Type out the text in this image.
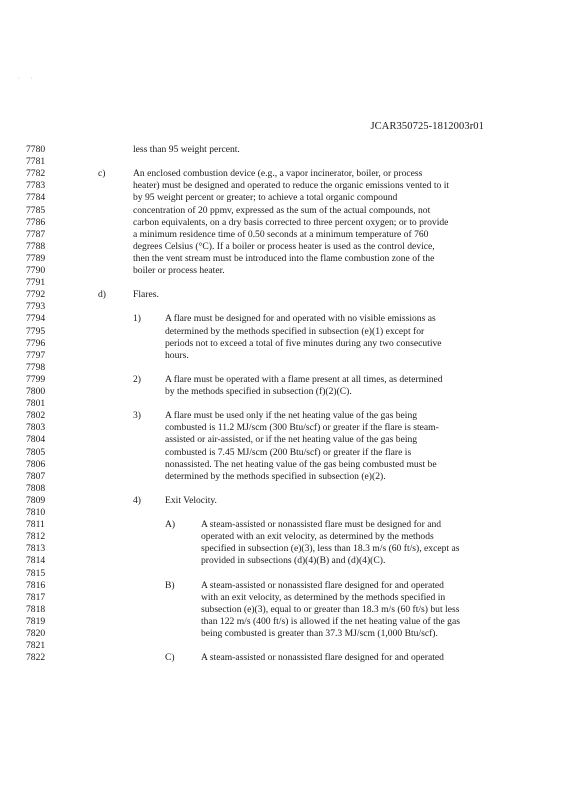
·       ·
JCAR350725-1812003r01
7780	less than 95 weight percent.
7781
7782	c)	An enclosed combustion device (e.g., a vapor incinerator, boiler, or process
7783	heater) must be designed and operated to reduce the organic emissions vented to it
7784	by 95 weight percent or greater; to achieve a total organic compound
7785	concentration of 20 ppmv, expressed as the sum of the actual compounds, not
7786	carbon equivalents, on a dry basis corrected to three percent oxygen; or to provide
7787	a minimum residence time of 0.50 seconds at a minimum temperature of 760
7788	degrees Celsius (°C). If a boiler or process heater is used as the control device,
7789	then the vent stream must be introduced into the flame combustion zone of the
7790	boiler or process heater.
7791
7792	d)	Flares.
7793
7794	1)	A flare must be designed for and operated with no visible emissions as
7795	determined by the methods specified in subsection (e)(1) except for
7796	periods not to exceed a total of five minutes during any two consecutive
7797	hours.
7798
7799	2)	A flare must be operated with a flame present at all times, as determined
7800	by the methods specified in subsection (f)(2)(C).
7801
7802	3)	A flare must be used only if the net heating value of the gas being
7803	combusted is 11.2 MJ/scm (300 Btu/scf) or greater if the flare is steam-
7804	assisted or air-assisted, or if the net heating value of the gas being
7805	combusted is 7.45 MJ/scm (200 Btu/scf) or greater if the flare is
7806	nonassisted. The net heating value of the gas being combusted must be
7807	determined by the methods specified in subsection (e)(2).
7808
7809	4)	Exit Velocity.
7810
7811	A)	A steam-assisted or nonassisted flare must be designed for and
7812	operated with an exit velocity, as determined by the methods
7813	specified in subsection (e)(3), less than 18.3 m/s (60 ft/s), except as
7814	provided in subsections (d)(4)(B) and (d)(4)(C).
7815
7816	B)	A steam-assisted or nonassisted flare designed for and operated
7817	with an exit velocity, as determined by the methods specified in
7818	subsection (e)(3), equal to or greater than 18.3 m/s (60 ft/s) but less
7819	than 122 m/s (400 ft/s) is allowed if the net heating value of the gas
7820	being combusted is greater than 37.3 MJ/scm (1,000 Btu/scf).
7821
7822	C)	A steam-assisted or nonassisted flare designed for and operated
